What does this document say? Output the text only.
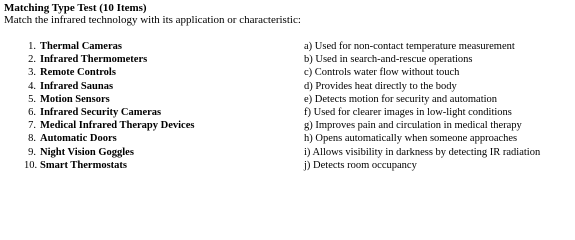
Matching Type Test (10 Items)

Match the infrared technology with its application or characteristic:

1. Thermal Cameras
2. Infrared Thermometers
3. Remote Controls
4. Infrared Saunas
5. Motion Sensors
6. Infrared Security Cameras
7. Medical Infrared Therapy Devices
8. Automatic Doors
9. Night Vision Goggles
10. Smart Thermostats
a) Used for non-contact temperature measurement
b) Used in search-and-rescue operations
c) Controls water flow without touch
d) Provides heat directly to the body
e) Detects motion for security and automation
f) Used for clearer images in low-light conditions
g) Improves pain and circulation in medical therapy
h) Opens automatically when someone approaches
i) Allows visibility in darkness by detecting IR radiation
j) Detects room occupancy
